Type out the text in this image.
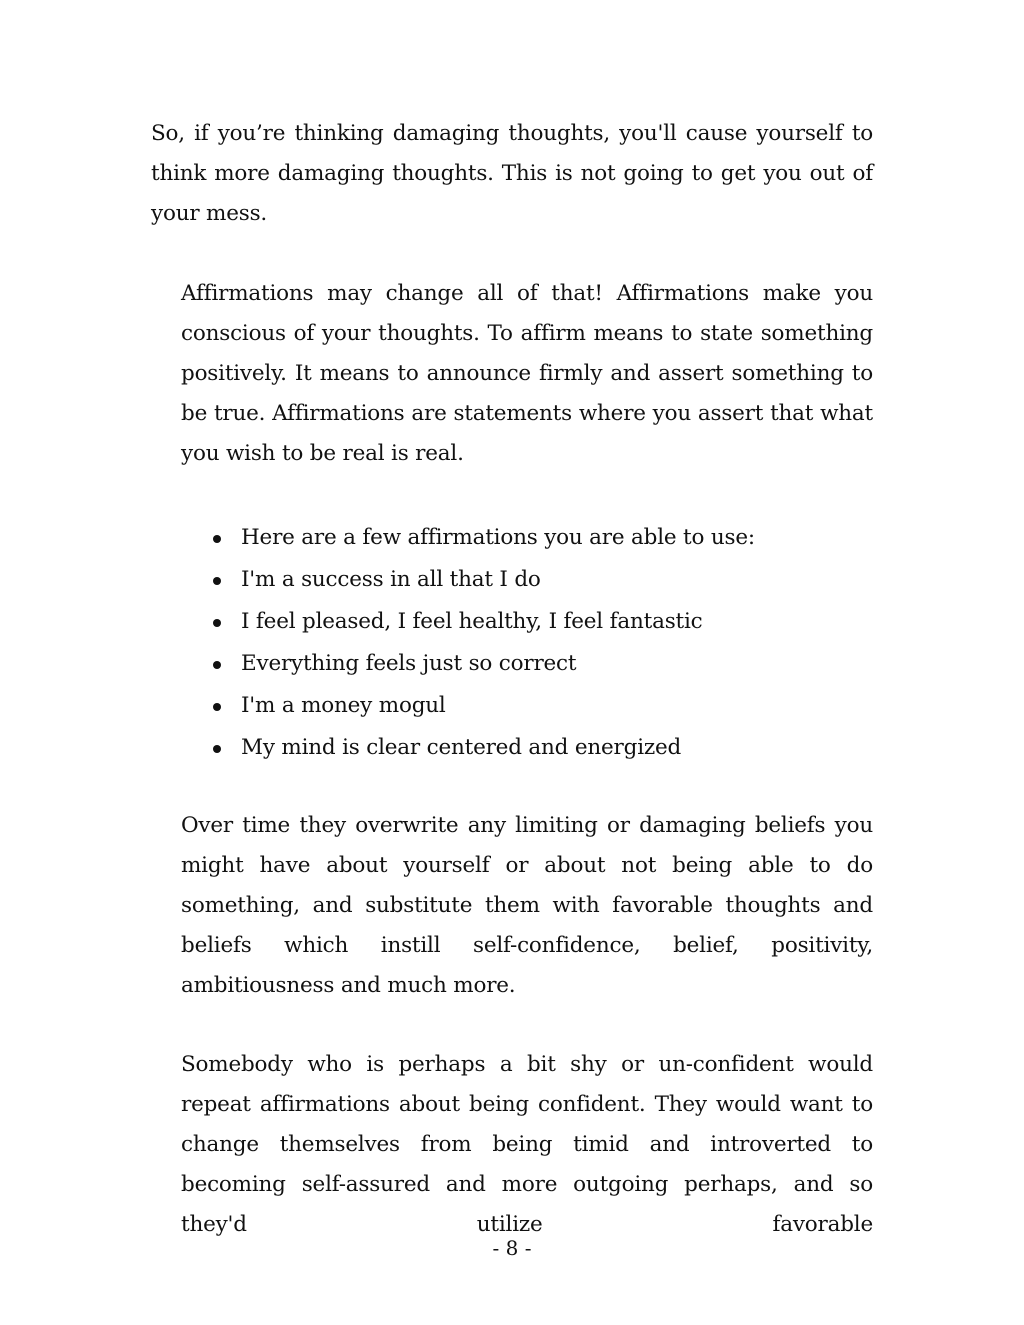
So, if you’re thinking damaging thoughts, you'll cause yourself to think more damaging thoughts. This is not going to get you out of your mess.

Affirmations may change all of that! Affirmations make you conscious of your thoughts. To affirm means to state something positively. It means to announce firmly and assert something to be true. Affirmations are statements where you assert that what you wish to be real is real.

Here are a few affirmations you are able to use:
I'm a success in all that I do
I feel pleased, I feel healthy, I feel fantastic
Everything feels just so correct
I'm a money mogul
My mind is clear centered and energized

Over time they overwrite any limiting or damaging beliefs you might have about yourself or about not being able to do something, and substitute them with favorable thoughts and beliefs which instill self-confidence, belief, positivity, ambitiousness and much more.

Somebody who is perhaps a bit shy or un-confident would repeat affirmations about being confident. They would want to change themselves from being timid and introverted to becoming self-assured and more outgoing perhaps, and so they'd utilize favorable

- 8 -
